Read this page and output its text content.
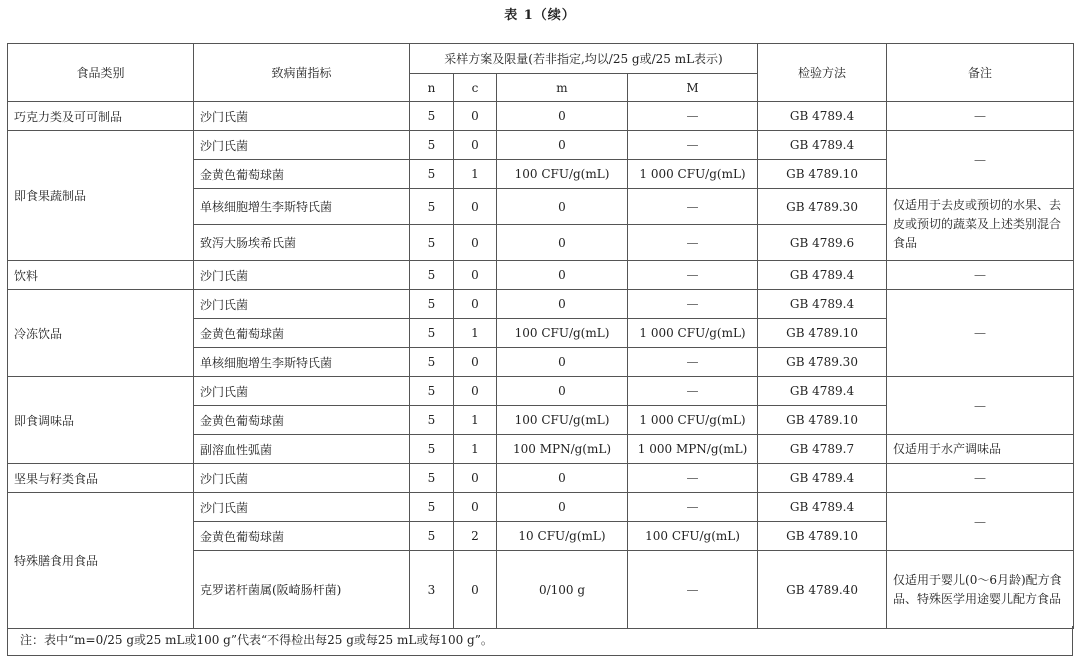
表 1（续）
食品类别	致病菌指标	采样方案及限量(若非指定,均以/25 g或/25 mL表示)				检验方法	备注
		n	c	m	M		
巧克力类及可可制品	沙门氏菌	5	0	0	—	GB 4789.4	—
即食果蔬制品	沙门氏菌	5	0	0	—	GB 4789.4	—
	金黄色葡萄球菌	5	1	100 CFU/g(mL)	1 000 CFU/g(mL)	GB 4789.10	
	单核细胞增生李斯特氏菌	5	0	0	—	GB 4789.30	仅适用于去皮或预切的水果、去皮或预切的蔬菜及上述类别混合食品
	致泻大肠埃希氏菌	5	0	0	—	GB 4789.6	
饮料	沙门氏菌	5	0	0	—	GB 4789.4	—
冷冻饮品	沙门氏菌	5	0	0	—	GB 4789.4	—
	金黄色葡萄球菌	5	1	100 CFU/g(mL)	1 000 CFU/g(mL)	GB 4789.10	
	单核细胞增生李斯特氏菌	5	0	0	—	GB 4789.30	
即食调味品	沙门氏菌	5	0	0	—	GB 4789.4	—
	金黄色葡萄球菌	5	1	100 CFU/g(mL)	1 000 CFU/g(mL)	GB 4789.10	
	副溶血性弧菌	5	1	100 MPN/g(mL)	1 000 MPN/g(mL)	GB 4789.7	仅适用于水产调味品
坚果与籽类食品	沙门氏菌	5	0	0	—	GB 4789.4	—
特殊膳食用食品	沙门氏菌	5	0	0	—	GB 4789.4	—
	金黄色葡萄球菌	5	2	10 CFU/g(mL)	100 CFU/g(mL)	GB 4789.10	
	克罗诺杆菌属(阪崎肠杆菌)	3	0	0/100 g	—	GB 4789.40	仅适用于婴儿(0～6月龄)配方食品、特殊医学用途婴儿配方食品
注：表中“m=0/25 g或25 mL或100 g”代表“不得检出每25 g或每25 mL或每100 g”。
